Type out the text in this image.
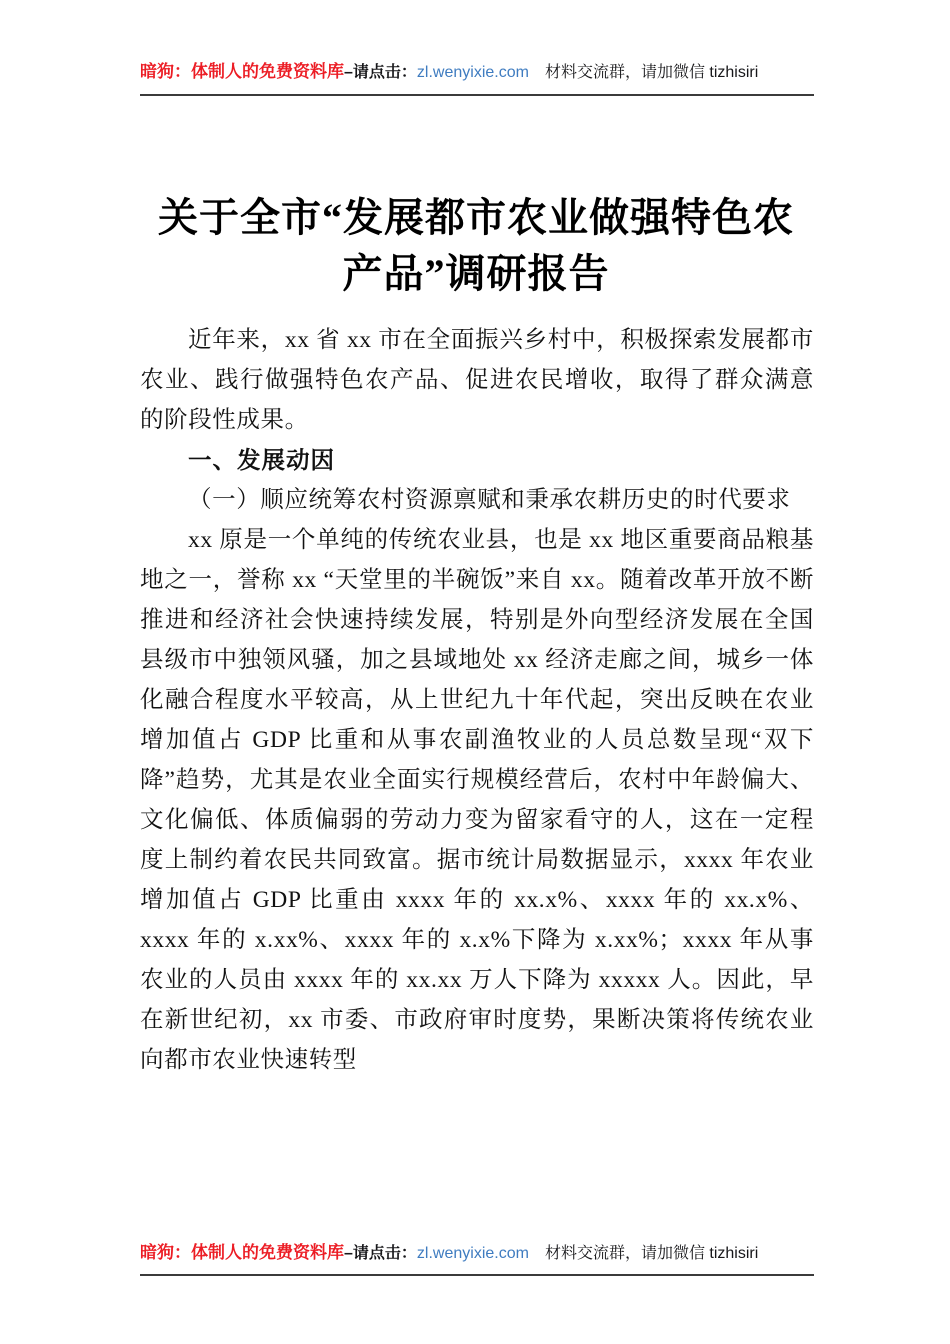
暗狗：体制人的免费资料库–请点击：zl.wenyixie.com 材料交流群，请加微信 tizhisiri
关于全市“发展都市农业做强特色农产品”调研报告

近年来，xx 省 xx 市在全面振兴乡村中，积极探索发展都市农业、践行做强特色农产品、促进农民增收，取得了群众满意的阶段性成果。

一、发展动因

（一）顺应统筹农村资源禀赋和秉承农耕历史的时代要求

xx 原是一个单纯的传统农业县，也是 xx 地区重要商品粮基地之一，誉称 xx “天堂里的半碗饭”来自 xx。随着改革开放不断推进和经济社会快速持续发展，特别是外向型经济发展在全国县级市中独领风骚，加之县域地处 xx 经济走廊之间，城乡一体化融合程度水平较高，从上世纪九十年代起，突出反映在农业增加值占 GDP 比重和从事农副渔牧业的人员总数呈现“双下降”趋势，尤其是农业全面实行规模经营后，农村中年龄偏大、文化偏低、体质偏弱的劳动力变为留家看守的人，这在一定程度上制约着农民共同致富。据市统计局数据显示，xxxx 年农业增加值占 GDP 比重由 xxxx 年的 xx.x%、xxxx 年的 xx.x%、xxxx 年的 x.xx%、xxxx 年的 x.x%下降为 x.xx%；xxxx 年从事农业的人员由 xxxx 年的 xx.xx 万人下降为 xxxxx 人。因此，早在新世纪初，xx 市委、市政府审时度势，果断决策将传统农业向都市农业快速转型

暗狗：体制人的免费资料库–请点击：zl.wenyixie.com 材料交流群，请加微信 tizhisiri
